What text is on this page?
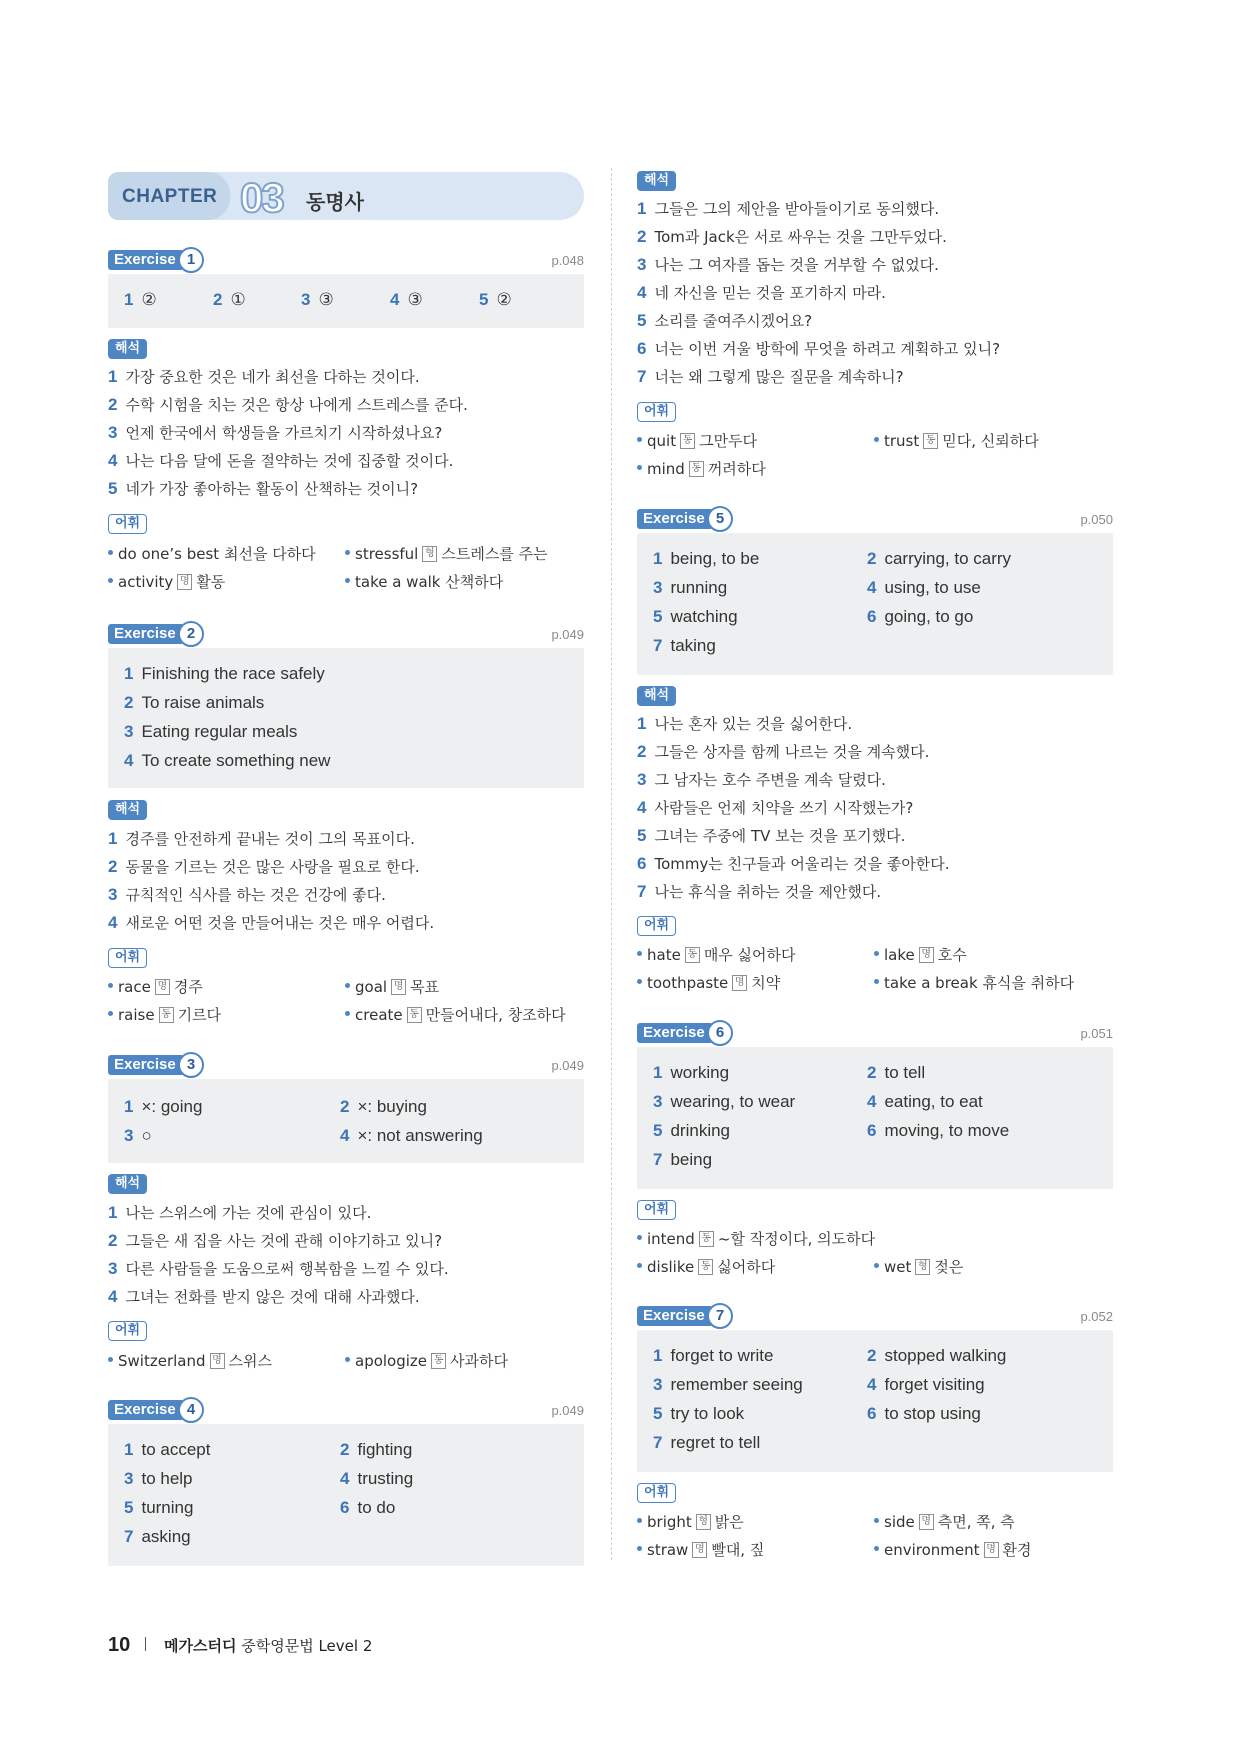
CHAPTER 03 동명사
Exercise 1	p.048
1 ②	2 ①	3 ③	4 ③	5 ②
해석
1 가장 중요한 것은 네가 최선을 다하는 것이다.
2 수학 시험을 치는 것은 항상 나에게 스트레스를 준다.
3 언제 한국에서 학생들을 가르치기 시작하셨나요?
4 나는 다음 달에 돈을 절약하는 것에 집중할 것이다.
5 네가 가장 좋아하는 활동이 산책하는 것이니?
어휘
do one’s best 최선을 다하다	stressful 형 스트레스를 주는
activity 명 활동	take a walk 산책하다
Exercise 2	p.049
1 Finishing the race safely
2 To raise animals
3 Eating regular meals
4 To create something new
해석
1 경주를 안전하게 끝내는 것이 그의 목표이다.
2 동물을 기르는 것은 많은 사랑을 필요로 한다.
3 규칙적인 식사를 하는 것은 건강에 좋다.
4 새로운 어떤 것을 만들어내는 것은 매우 어렵다.
어휘
race 명 경주	goal 명 목표
raise 동 기르다	create 동 만들어내다, 창조하다
Exercise 3	p.049
1 ×: going	2 ×: buying
3 ○	4 ×: not answering
해석
1 나는 스위스에 가는 것에 관심이 있다.
2 그들은 새 집을 사는 것에 관해 이야기하고 있니?
3 다른 사람들을 도움으로써 행복함을 느낄 수 있다.
4 그녀는 전화를 받지 않은 것에 대해 사과했다.
어휘
Switzerland 명 스위스	apologize 동 사과하다
Exercise 4	p.049
1 to accept	2 fighting
3 to help	4 trusting
5 turning	6 to do
7 asking
해석
1 그들은 그의 제안을 받아들이기로 동의했다.
2 Tom과 Jack은 서로 싸우는 것을 그만두었다.
3 나는 그 여자를 돕는 것을 거부할 수 없었다.
4 네 자신을 믿는 것을 포기하지 마라.
5 소리를 줄여주시겠어요?
6 너는 이번 겨울 방학에 무엇을 하려고 계획하고 있니?
7 너는 왜 그렇게 많은 질문을 계속하니?
어휘
quit 동 그만두다	trust 동 믿다, 신뢰하다
mind 동 꺼려하다
Exercise 5	p.050
1 being, to be	2 carrying, to carry
3 running	4 using, to use
5 watching	6 going, to go
7 taking
해석
1 나는 혼자 있는 것을 싫어한다.
2 그들은 상자를 함께 나르는 것을 계속했다.
3 그 남자는 호수 주변을 계속 달렸다.
4 사람들은 언제 치약을 쓰기 시작했는가?
5 그녀는 주중에 TV 보는 것을 포기했다.
6 Tommy는 친구들과 어울리는 것을 좋아한다.
7 나는 휴식을 취하는 것을 제안했다.
어휘
hate 동 매우 싫어하다	lake 명 호수
toothpaste 명 치약	take a break 휴식을 취하다
Exercise 6	p.051
1 working	2 to tell
3 wearing, to wear	4 eating, to eat
5 drinking	6 moving, to move
7 being
어휘
intend 동 ~할 작정이다, 의도하다
dislike 동 싫어하다	wet 형 젖은
Exercise 7	p.052
1 forget to write	2 stopped walking
3 remember seeing	4 forget visiting
5 try to look	6 to stop using
7 regret to tell
어휘
bright 형 밝은	side 명 측면, 쪽, 측
straw 명 빨대, 짚	environment 명 환경
10 메가스터디 중학영문법 Level 2
